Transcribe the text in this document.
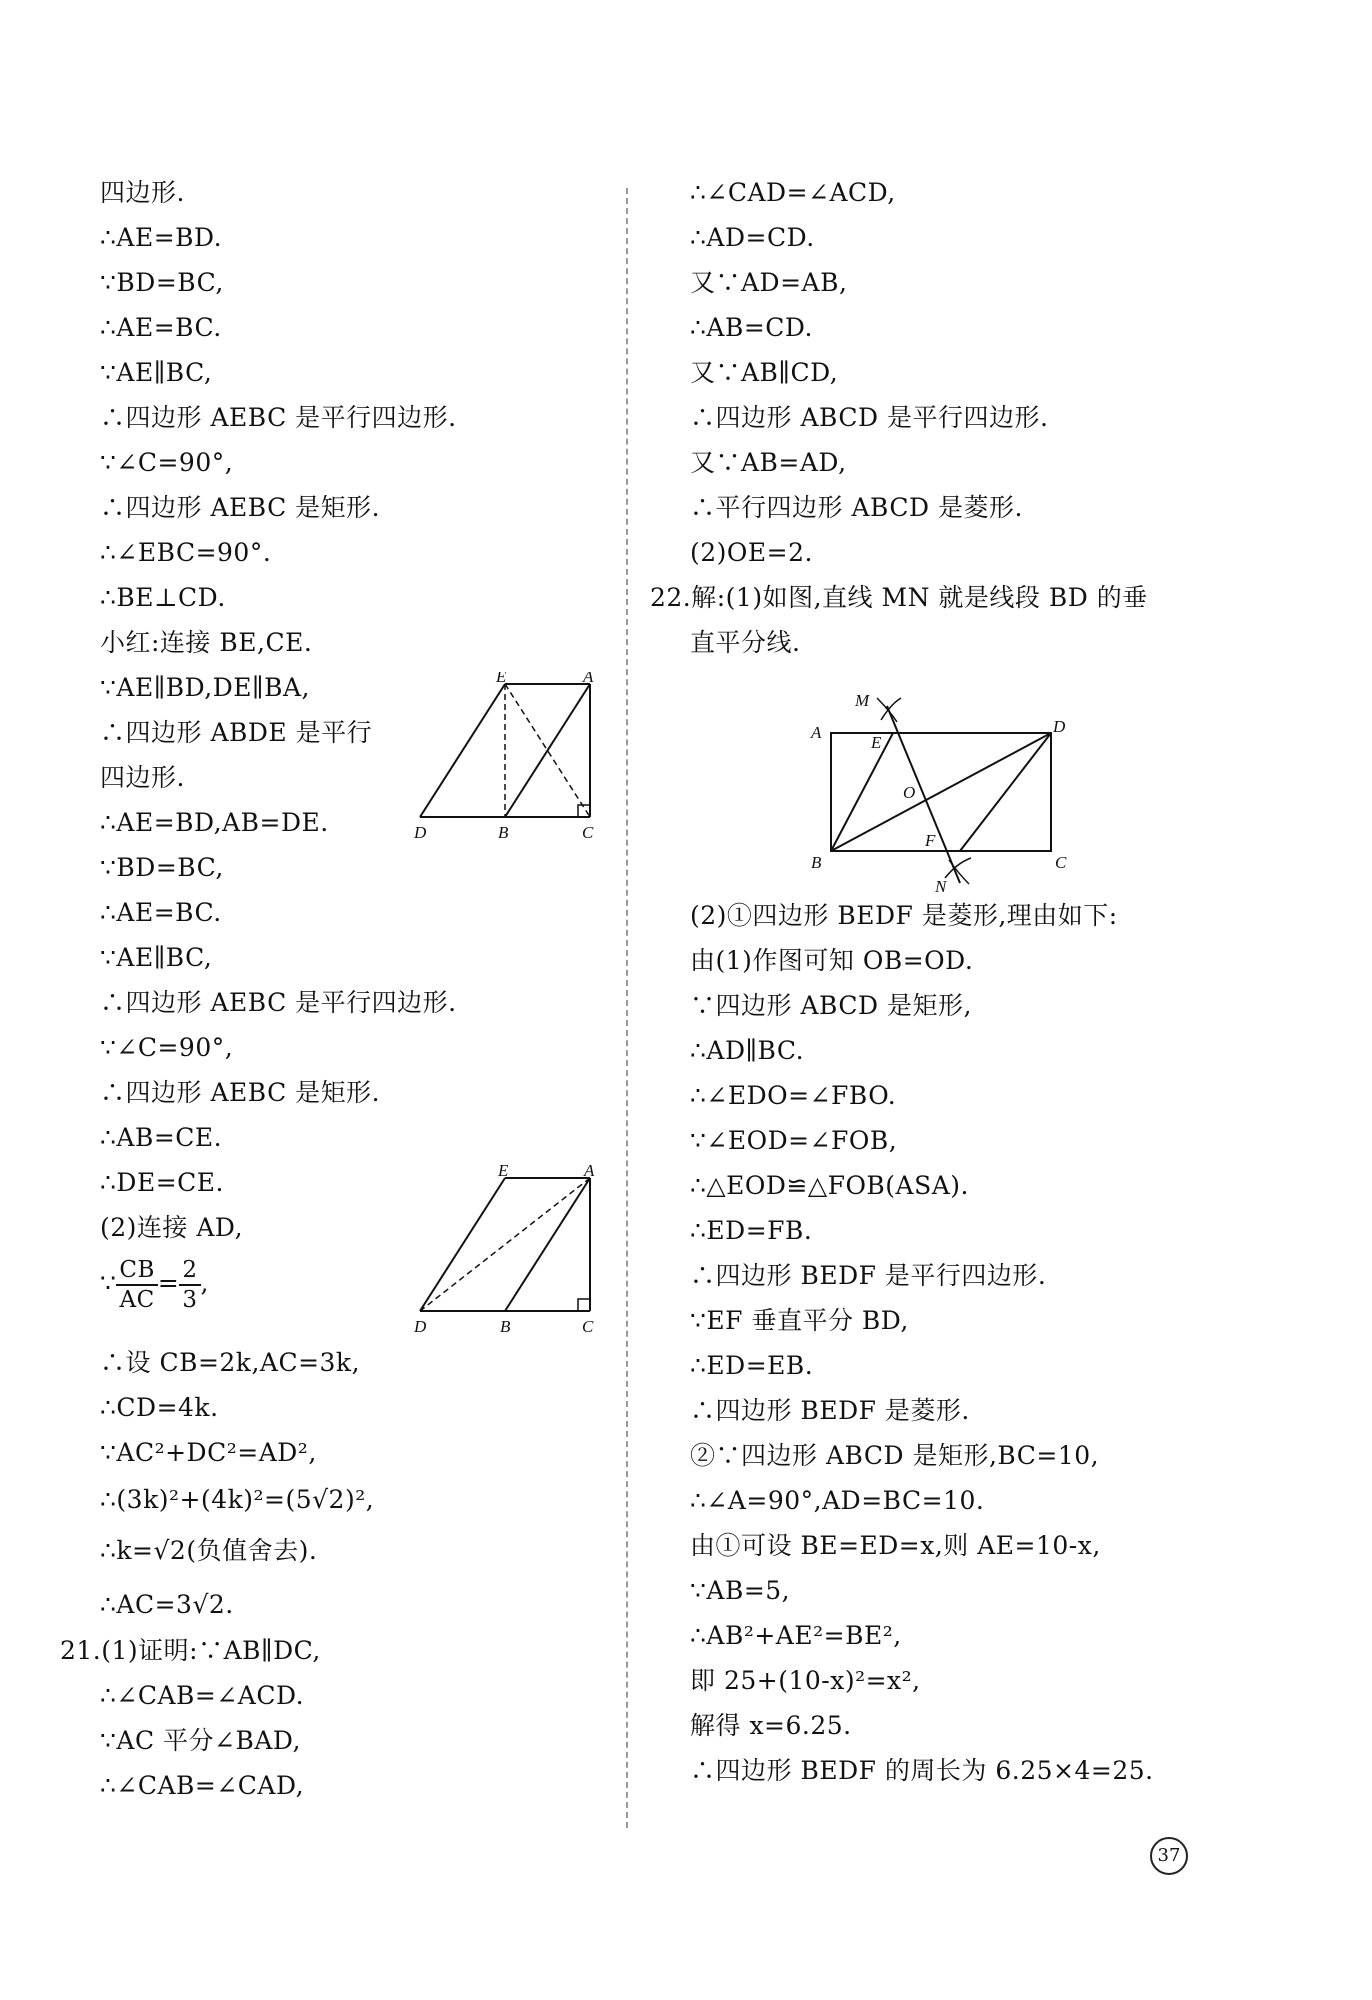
四边形.
∴AE=BD.
∵BD=BC,
∴AE=BC.
∵AE∥BC,
∴四边形 AEBC 是平行四边形.
∵∠C=90°,
∴四边形 AEBC 是矩形.
∴∠EBC=90°.
∴BE⊥CD.
小红:连接 BE,CE.
∵AE∥BD,DE∥BA,
∴四边形 ABDE 是平行
四边形.
∴AE=BD,AB=DE.
∵BD=BC,
∴AE=BC.
∵AE∥BC,
∴四边形 AEBC 是平行四边形.
∵∠C=90°,
∴四边形 AEBC 是矩形.
∴AB=CE.
∴DE=CE.
(2)连接 AD,
∵ $\frac{CB}{AC} = \frac{2}{3}$ ,
∴设 CB=2k,AC=3k,
∴CD=4k.
∵AC²+DC²=AD²,
∴(3k)²+(4k)²=(5√2)²,
∴k=√2(负值舍去).
∴AC=3√2.
21.(1)证明:∵AB∥DC,
∴∠CAB=∠ACD.
∵AC 平分∠BAD,
∴∠CAB=∠CAD,
E	A
D	B	C
E	A
D	B	C
∴∠CAD=∠ACD,
∴AD=CD.
又∵AD=AB,
∴AB=CD.
又∵AB∥CD,
∴四边形 ABCD 是平行四边形.
又∵AB=AD,
∴平行四边形 ABCD 是菱形.
(2)OE=2.
22.解:(1)如图,直线 MN 就是线段 BD 的垂
直平分线.
(2)①四边形 BEDF 是菱形,理由如下:
由(1)作图可知 OB=OD.
∵四边形 ABCD 是矩形,
∴AD∥BC.
∴∠EDO=∠FBO.
∵∠EOD=∠FOB,
∴△EOD≌△FOB(ASA).
∴ED=FB.
∴四边形 BEDF 是平行四边形.
∵EF 垂直平分 BD,
∴ED=EB.
∴四边形 BEDF 是菱形.
②∵四边形 ABCD 是矩形,BC=10,
∴∠A=90°,AD=BC=10.
由①可设 BE=ED=x,则 AE=10-x,
∵AB=5,
∴AB²+AE²=BE²,
即 25+(10-x)²=x²,
解得 x=6.25.
∴四边形 BEDF 的周长为 6.25×4=25.
M
A
E
D
O
B
F
C
N
37
